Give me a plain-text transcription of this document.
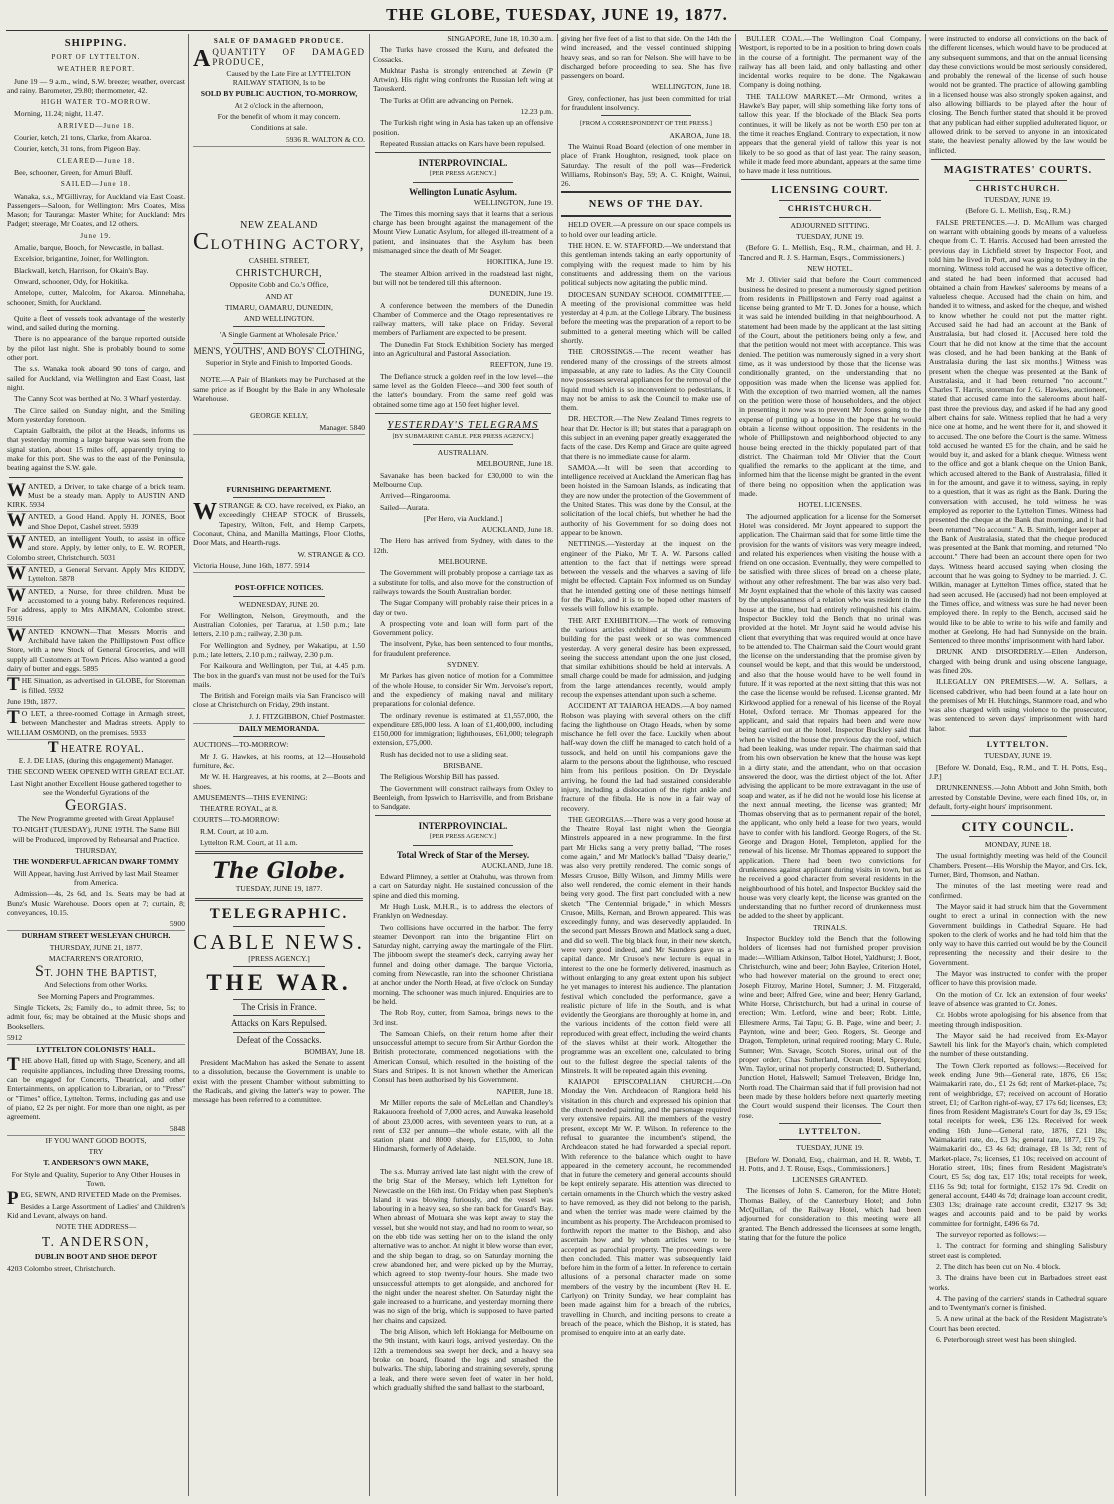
THE GLOBE, TUESDAY, JUNE 19, 1877.
SHIPPING.
PORT OF LYTTELTON.
WEATHER REPORT.

June 19 — 9 a.m., wind, S.W. breeze; weather, overcast and rainy. Barometer, 29.80; thermometer, 42.

HIGH WATER TO-MORROW.

Morning, 11.24; night, 11.47.

ARRIVED—June 18.

Courier, ketch, 21 tons, Clarke, from Akaroa.

Courier, ketch, 31 tons, from Pigeon Bay.

CLEARED—June 18.

Bee, schooner, Green, for Amuri Bluff.

SAILED—June 18.

Wanaka, s.s., M'Gillivray, for Auckland via East Coast. Passengers—Saloon, for Wellington: Mrs Coates, Miss Mason; for Tauranga: Master White; for Auckland: Mrs Padget; steerage, Mr Coates, and 12 others.

June 19.

Amalie, barque, Booch, for Newcastle, in ballast.

Excelsior, brigantine, Joiner, for Wellington.

Blackwall, ketch, Harrison, for Okain's Bay.

Onward, schooner, Ody, for Hokitika.

Antelope, cutter, Malcolm, for Akaroa. Minnehaha, schooner, Smith, for Auckland.

Quite a fleet of vessels took advantage of the westerly wind, and sailed during the morning.

There is no appearance of the barque reported outside by the pilot last night. She is probably bound to some other port.

The s.s. Wanaka took aboard 90 tons of cargo, and sailed for Auckland, via Wellington and East Coast, last night.

The Canny Scot was berthed at No. 3 Wharf yesterday.

The Circe sailed on Sunday night, and the Smiling Morn yesterday forenoon.

Captain Galbraith, the pilot at the Heads, informs us that yesterday morning a large barque was seen from the signal station, about 15 miles off, apparently trying to make for this port. She was to the east of the Peninsula, beating against the S.W. gale.

WANTED, a Driver, to take charge of a brick team. Must be a steady man. Apply to AUSTIN AND KIRK. 5934

WANTED, a Good Hand. Apply H. JONES, Boot and Shoe Depot, Cashel street. 5939

WANTED, an intelligent Youth, to assist in office and store. Apply, by letter only, to E. W. ROPER, Colombo street, Christchurch. 5031

WANTED, a General Servant. Apply Mrs KIDDY, Lyttelton. 5878

WANTED, a Nurse, for three children. Must be accustomed to a young baby. References required. For address, apply to Mrs AIKMAN, Colombo street. 5916

WANTED KNOWN—That Messrs Morris and Archibald have taken the Phillipstown Post office Store, with a new Stock of General Groceries, and will supply all Customers at Town Prices. Also wanted a good dairy of butter and eggs. 5895

THE Situation, as advertised in GLOBE, for Storeman is filled. 5932

June 19th, 1877.

T O LET, a three-roomed Cottage in Armagh street, between Manchester and Madras streets. Apply to WILLIAM OSMOND, on the premises. 5933

THEATRE ROYAL.

E. J. DE LIAS, (during this engagement) Manager.

THE SECOND WEEK OPENED WITH GREAT ECLAT.

Last Night another Excellent House gathered together to see the Wonderful Gyrations of the

GEORGIAS.

The New Programme greeted with Great Applause!

TO-NIGHT (TUESDAY), JUNE 19TH. The Same Bill will be Produced, improved by Rehearsal and Practice.

THURSDAY,

THE WONDERFUL AFRICAN DWARF TOMMY

Will Appear, having Just Arrived by last Mail Steamer from America.

Admission—4s, 2s 6d, and 1s. Seats may be had at Bunz's Music Warehouse. Doors open at 7; curtain, 8; conveyances, 10.15.

5900

DURHAM STREET WESLEYAN CHURCH.

THURSDAY, JUNE 21, 1877.

MACFARREN'S ORATORIO,

ST. JOHN THE BAPTIST,

And Selections from other Works.

See Morning Papers and Programmes.

Single Tickets, 2s; Family do., to admit three, 5s; to admit four, 6s; may be obtained at the Music shops and Booksellers.

5912

LYTTELTON COLONISTS' HALL.

THE above Hall, fitted up with Stage, Scenery, and all requisite appliances, including three Dressing rooms, can be engaged for Concerts, Theatrical, and other Entertainments, on application to Librarian, or to "Press" or "Times" office, Lyttelton. Terms, including gas and use of piano, £2 2s per night. For more than one night, as per agreement.

5848

IF YOU WANT GOOD BOOTS,

TRY

T. ANDERSON'S OWN MAKE,

For Style and Quality, Superior to Any Other Houses in Town.

PEG, SEWN, AND RIVETED Made on the Premises.

Besides a Large Assortment of Ladies' and Children's Kid and Levant, always on hand.

NOTE THE ADDRESS—

T. ANDERSON,

DUBLIN BOOT AND SHOE DEPOT

4203 Colombo street, Christchurch.

SALE OF DAMAGED PRODUCE.

AQUANTITY OF DAMAGED PRODUCE,

Caused by the Late Fire at LYTTELTON RAILWAY STATION, Is to be

SOLD BY PUBLIC AUCTION, TO-MORROW,

At 2 o'clock in the afternoon,

For the benefit of whom it may concern.

Conditions at sale.

5936 R. WALTON & CO.

NEW ZEALAND
CLOTHING ACTORY,

CASHEL STREET,

CHRISTCHURCH,

Opposite Cobb and Co.'s Office,

AND AT

TIMARU, OAMARU, DUNEDIN,

AND WELLINGTON.

'A Single Garment at Wholesale Price.'

MEN'S, YOUTHS', AND BOYS' CLOTHING,

Superior in Style and Finish to Imported Goods.

NOTE.—A Pair of Blankets may be Purchased at the same price as if Bought by the Bale in any Wholesale Warehouse.

GEORGE KELLY,

Manager. 5840

FURNISHING DEPARTMENT.

WSTRANGE & CO. have received, ex Piako, an exceedingly CHEAP STOCK of Brussels, Tapestry, Wilton, Felt, and Hemp Carpets, Coconaut, China, and Manilla Mattings, Floor Cloths, Door Mats, and Hearth-rugs.

W. STRANGE & CO.

Victoria House, June 16th, 1877. 5914

POST-OFFICE NOTICES.

WEDNESDAY, JUNE 20.

For Wellington, Nelson, Greymouth, and the Australian Colonies, per Tararua, at 1.50 p.m.; late letters, 2.10 p.m.; railway, 2.30 p.m.

For Wellington and Sydney, per Wakatipu, at 1.50 p.m.; late letters, 2.10 p.m.; railway, 2.30 p.m.

For Kaikoura and Wellington, per Tui, at 4.45 p.m. The box in the guard's van must not be used for the Tui's mails.

The British and Foreign mails via San Francisco will close at Christchurch on Friday, 29th instant.

J. J. FITZGIBBON, Chief Postmaster.

DAILY MEMORANDA.

AUCTIONS—TO-MORROW:

Mr J. G. Hawkes, at his rooms, at 12—Household furniture, &c.

Mr W. H. Hargreaves, at his rooms, at 2—Boots and shoes.

AMUSEMENTS—THIS EVENING:

THEATRE ROYAL, at 8.

COURTS—TO-MORROW:

R.M. Court, at 10 a.m.

Lyttelton R.M. Court, at 11 a.m.

The Globe.

TUESDAY, JUNE 19, 1877.

TELEGRAPHIC.
CABLE NEWS.

[PRESS AGENCY.]

THE WAR.

The Crisis in France.

Attacks on Kars Repulsed.

Defeat of the Cossacks.

BOMBAY, June 18.

President MacMahon has asked the Senate to assent to a dissolution, because the Government is unable to exist with the present Chamber without submitting to the Radicals, and giving the latter's way to power. The message has been referred to a committee.

SINGAPORE, June 18, 10.30 a.m.

The Turks have crossed the Kuru, and defeated the Cossacks.

Mukhtar Pasha is strongly entrenched at Zewin (P Artwin). His right wing confronts the Russian left wing at Taouskerd.

The Turks at Ofitt are advancing on Pernek.

12.23 p.m.

The Turkish right wing in Asia has taken up an offensive position.

Repeated Russian attacks on Kars have been repulsed.

INTERPROVINCIAL.

[PER PRESS AGENCY.]

Wellington Lunatic Asylum.

WELLINGTON, June 19.

The Times this morning says that it learns that a serious charge has been brought against the management of the Mount View Lunatic Asylum, for alleged ill-treatment of a patient, and insinuates that the Asylum has been mismanaged since the death of Mr Seager.

HOKITIKA, June 19.

The steamer Albion arrived in the roadstead last night, but will not be tendered till this afternoon.

DUNEDIN, June 19.

A conference between the members of the Dunedin Chamber of Commerce and the Otago representatives re railway matters, will take place on Friday. Several members of Parliament are expected to be present.

The Dunedin Fat Stock Exhibition Society has merged into an Agricultural and Pastoral Association.

REEFTON, June 19.

The Defiance struck a golden reef in the low level—the same level as the Golden Fleece—and 300 feet south of the latter's boundary. From the same reef gold was obtained some time ago at 150 feet higher level.

YESTERDAY'S TELEGRAMS

[BY SUBMARINE CABLE. PER PRESS AGENCY.]

AUSTRALIAN.

MELBOURNE, June 18.

Savanake has been backed for £30,000 to win the Melbourne Cup.

Arrived—Ringarooma.

Sailed—Aurata.

[Per Hero, via Auckland.]

AUCKLAND, June 18.

The Hero has arrived from Sydney, with dates to the 12th.

MELBOURNE.

The Government will probably propose a carriage tax as a substitute for tolls, and also move for the construction of railways towards the South Australian border.

The Sugar Company will probably raise their prices in a day or two.

A prospecting vote and loan will form part of the Government policy.

The insolvent, Pyke, has been sentenced to four months, for fraudulent preference.

SYDNEY.

Mr Parkes has given notice of motion for a Committee of the whole House, to consider Sir Wm. Jervoise's report, and the expediency of making naval and military preparations for colonial defence.

The ordinary revenue is estimated at £1,557,000, the expenditure £85,000 less. A loan of £1,400,000, including £150,000 for immigration; lighthouses, £61,000; telegraph extension, £75,000.

Rush has decided not to use a sliding seat.

BRISBANE.

The Religious Worship Bill has passed.

The Government will construct railways from Oxley to Beenleigh, from Ipswich to Harrisville, and from Brisbane to Sandgate.

INTERPROVINCIAL.

[PER PRESS AGENCY.]

Total Wreck of Star of the Mersey.

AUCKLAND, June 18.

Edward Plimney, a settler at Otahuhu, was thrown from a cart on Saturday night. He sustained concussion of the spine and died this morning.

Mr Hugh Lusk, M.H.R., is to address the electors of Franklyn on Wednesday.

Two collisions have occurred in the harbor. The ferry steamer Devonport ran into the brigantine Flirt on Saturday night, carrying away the martingale of the Flirt. The jibboom swept the steamer's deck, carrying away her funnel and doing other damage. The barque Victoria, coming from Newcastle, ran into the schooner Christiana at anchor under the North Head, at five o'clock on Sunday morning. The schooner was much injured. Enquiries are to be held.

The Rob Roy, cutter, from Samoa, brings news to the 3rd inst.

The Samoan Chiefs, on their return home after their unsuccessful attempt to secure from Sir Arthur Gordon the British protectorate, commenced negotiations with the American Consul, which resulted in the hoisting of the Stars and Stripes. It is not known whether the American Consul has been authorised by his Government.

NAPIER, June 18.

Mr Miller reports the sale of McLellan and Chandley's Rakauoora freehold of 7,000 acres, and Auwaka leasehold of about 23,000 acres, with seventeen years to run, at a rent of £32 per annum—the whole estate, with all the station plant and 8000 sheep, for £15,000, to John Hindmarsh, formerly of Adelaide.

NELSON, June 18.

The s.s. Murray arrived late last night with the crew of the brig Star of the Mersey, which left Lyttelton for Newcastle on the 16th inst. On Friday when past Stephen's Island it was blowing furiously, and the vessel was labouring in a heavy sea, so she ran back for Guard's Bay. When abreast of Motuara she was kept away to stay the vessel, but she would not stay, and had no room to wear, so on the ebb tide was setting her on to the island the only alternative was to anchor. At night it blew worse than ever, and the ship began to drag, so on Saturday morning the crew abandoned her, and were picked up by the Murray, which agreed to stop twenty-four hours. She made two unsuccessful attempts to get alongside, and anchored for the night under the nearest shelter. On Saturday night the gale increased to a hurricane, and yesterday morning there was no sign of the brig, which is supposed to have parted her chains and capsized.

The brig Alison, which left Hokianga for Melbourne on the 9th instant, with kauri logs, arrived yesterday. On the 12th a tremendous sea swept her deck, and a heavy sea broke on board, floated the logs and smashed the bulwarks. The ship, laboring and straining severely, sprung a leak, and there were seven feet of water in her hold, which gradually shifted the sand ballast to the starboard,

giving her five feet of a list to that side. On the 14th the wind increased, and the vessel continued shipping heavy seas, and so ran for Nelson. She will have to be discharged before proceeding to sea. She has five passengers on board.

WELLINGTON, June 18.

Grey, confectioner, has just been committed for trial for fraudulent insolvency.

[FROM A CORRESPONDENT OF THE PRESS.]

AKAROA, June 18.

The Wainui Road Board (election of one member in place of Frank Houghton, resigned, took place on Saturday. The result of the poll was—Frederick Williams, Robinson's Bay, 59; A. C. Knight, Wainui, 26.

NEWS OF THE DAY.

HELD OVER.—A pressure on our space compels us to hold over our leading article.

THE HON. E. W. STAFFORD.—We understand that this gentleman intends taking an early opportunity of complying with the request made to him by his constituents and addressing them on the various political subjects now agitating the public mind.

DIOCESAN SUNDAY SCHOOL COMMITTEE.—A meeting of the provisional committee was held yesterday at 4 p.m. at the College Library. The business before the meeting was the preparation of a report to be submitted to a general meeting which will be called shortly.

THE CROSSINGS.—The recent weather has rendered many of the crossings of the streets almost impassable, at any rate to ladies. As the City Council now possesses several appliances for the removal of the liquid mud which is so inconvenient to pedestrians, it may not be amiss to ask the Council to make use of them.

DR. HECTOR.—The New Zealand Times regrets to hear that Dr. Hector is ill; but states that a paragraph on this subject in an evening paper greatly exaggerated the facts of the case. Drs Kemp and Grace are quite agreed that there is no immediate cause for alarm.

SAMOA.—It will be seen that according to intelligence received at Auckland the American flag has been hoisted in the Samoan Islands, as indicating that they are now under the protection of the Government of the United States. This was done by the Consul, at the solicitation of the local chiefs, but whether he had the authority of his Government for so doing does not appear to be known.

NETTINGS.—Yesterday at the inquest on the engineer of the Piako, Mr T. A. W. Parsons called attention to the fact that if nettings were spread between the vessels and the wharves a saving of life might be effected. Captain Fox informed us on Sunday that he intended getting one of these nettings himself for the Piako, and it is to be hoped other masters of vessels will follow his example.

THE ART EXHIBITION.—The work of removing the various articles exhibited at the new Museum building for the past week or so was commenced yesterday. A very general desire has been expressed, seeing the success attendant upon the one just closed, that similar exhibitions should be held at intervals. A small charge could be made for admission, and judging from the large attendances recently, would amply recoup the expenses attendant upon such a scheme.

ACCIDENT AT TAIAROA HEADS.—A boy named Robson was playing with several others on the cliff facing the lighthouse on Otago Heads, when by some mischance he fell over the face. Luckily when about half-way down the cliff he managed to catch hold of a tussock, and held on until his companions gave the alarm to the persons about the lighthouse, who rescued him from his perilous position. On Dr Drysdale arriving, he found the lad had sustained considerable injury, including a dislocation of the right ankle and fracture of the fibula. He is now in a fair way of recovery.

THE GEORGIAS.—There was a very good house at the Theatre Royal last night when the Georgia Minstrels appeared in a new programme. In the first part Mr Hicks sang a very pretty ballad, "The roses come again," and Mr Matlock's ballad "Daisy dearie," was also very prettily rendered. The comic songs of Messrs Crusoe, Billy Wilson, and Jimmy Mills were also well rendered, the comic element in their hands being very good. The first part concluded with a new sketch "The Centennial brigade," in which Messrs Crusoe, Mills, Kernan, and Brown appeared. This was exceedingly funny, and was deservedly applauded. In the second part Messrs Brown and Matlock sang a duet, and did so well. The big black four, in their new sketch, were very good indeed, and Mr Saunders gave us a capital dance. Mr Crusoe's new lecture is equal in interest to the one he formerly delivered, inasmuch as without enlarging to any great extent upon his subject he yet manages to interest his audience. The plantation festival which concluded the performance, gave a realistic picture of life in the South, and is what evidently the Georgians are thoroughly at home in, and the various incidents of the cotton field were all reproduced with great effect, including the weird chants of the slaves whilst at their work. Altogether the programme was an excellent one, calculated to bring out to the fullest degree the special talents of the Minstrels. It will be repeated again this evening.

KAIAPOI EPISCOPALIAN CHURCH.—On Monday the Ven. Archdeacon of Rangiora held his visitation in this church and expressed his opinion that the church needed painting, and the parsonage required very extensive repairs. All the members of the vestry present, except Mr W. P. Wilson. In reference to the refusal to guarantee the incumbent's stipend, the Archdeacon stated he had forwarded a special report. With reference to the balance which ought to have appeared in the cemetery account, he recommended that in future the cemetery and general accounts should be kept entirely separate. His attention was directed to certain ornaments in the Church which the vestry asked to have removed, as they did not belong to the parish, and when the terrier was made were claimed by the incumbent as his property. The Archdeacon promised to forthwith report the matter to the Bishop, and also ascertain how and by whom articles were to be accepted as parochial property. The proceedings were then concluded. This matter was subsequently laid before him in the form of a letter. In reference to certain allusions of a personal character made on some members of the vestry by the incumbent (Rev H. E. Carlyon) on Trinity Sunday, we hear complaint has been made against him for a breach of the rubrics, travelling in Church, and inciting persons to create a breach of the peace, which the Bishop, it is stated, has promised to enquire into at an early date.

BULLER COAL.—The Wellington Coal Company, Westport, is reported to be in a position to bring down coals in the course of a fortnight. The permanent way of the railway has all been laid, and only ballasting and other incidental works require to be done. The Ngakawau Company is doing nothing.

THE TALLOW MARKET.—Mr Ormond, writes a Hawke's Bay paper, will ship something like forty tons of tallow this year. If the blockade of the Black Sea ports continues, it will be likely as not be worth £50 per ton at the time it reaches England. Contrary to expectation, it now appears that the general yield of tallow this year is not likely to be so good as that of last year. The rainy season, while it made feed more abundant, appears at the same time to have made it less nutritious.

LICENSING COURT.
CHRISTCHURCH.

ADJOURNED SITTING.

TUESDAY, JUNE 19.

(Before G. L. Mellish, Esq., R.M., chairman, and H. J. Tancred and R. J. S. Harman, Esqrs., Commissioners.)

NEW HOTEL.

Mr J. Olivier said that before the Court commenced business he desired to present a numerously signed petition from residents in Phillipstown and Ferry road against a license being granted to Mr T. D. Jones for a house, which it was said he intended building in that neighbourhood. A statement had been made by the applicant at the last sitting of the Court, about the petitioners being only a few, and that the petition would not meet with acceptance. This was denied. The petition was numerously signed in a very short time, as it was understood by those that the license was conditionally granted, on the understanding that no opposition was made when the license was applied for. With the exception of two married women, all the names on the petition were those of householders, and the object in presenting it now was to prevent Mr Jones going to the expense of putting up a house in the hope that he would obtain a license without opposition. The residents in the whole of Phillipstown and neighborhood objected to any house being erected in the thickly populated part of that district. The Chairman told Mr Olivier that the Court qualified the remarks to the applicant at the time, and informed him that the license might be granted in the event of there being no opposition when the application was made.

HOTEL LICENSES.

The adjourned application for a license for the Somerset Hotel was considered. Mr Joynt appeared to support the application. The Chairman said that for some little time the provision for the wants of visitors was very meagre indeed, and related his experiences when visiting the house with a friend on one occasion. Eventually, they were compelled to be satisfied with three slices of bread on a cheese plate, without any other refreshment. The bar was also very bad. Mr Joynt explained that the whole of this laxity was caused by the unpleasantness of a relation who was resident in the house at the time, but had entirely relinquished his claim. Inspector Buckley told the Bench that no urinal was provided at the hotel. Mr Joynt said he would advise his client that everything that was required would at once have to be attended to. The Chairman said the Court would grant the license on the understanding that the promise given by counsel would be kept, and that this would be understood, and also that the house would have to be well found in future. If it was reported at the next sitting that this was not the case the license would be refused. License granted. Mr Kirkwood applied for a renewal of his license of the Royal Hotel, Oxford terrace. Mr Thomas appeared for the applicant, and said that repairs had been and were now being carried out at the hotel. Inspector Buckley said that when he visited the house the previous day the roof, which had been leaking, was under repair. The chairman said that from his own observation he knew that the house was kept in a dirty state, and the attendant, who on that occasion answered the door, was the dirtiest object of the lot. After advising the applicant to be more extravagant in the use of soap and water, as if he did not he would lose his license at the next annual meeting, the license was granted; Mr Thomas observing that as to permanent repair of the hotel, the applicant, who only held a lease for two years, would have to confer with his landlord. George Rogers, of the St. George and Dragon Hotel, Templeton, applied for the renewal of his license. Mr Thomas appeared to support the application. There had been two convictions for drunkenness against applicant during visits in town, but as he received a good character from several residents in the neighbourhood of his hotel, and Inspector Buckley said the house was very clearly kept, the license was granted on the understanding that no further record of drunkenness must be added to the sheet by applicant.

TRINALS.

Inspector Buckley told the Bench that the following holders of licenses had not furnished proper provision made:—William Atkinson, Talbot Hotel, Yaldhurst; J. Boot, Christchurch, wine and beer; John Baylee, Criterion Hotel, who had however material on the ground to erect one; Joseph Fitzroy, Marine Hotel, Sumner; J. M. Fitzgerald, wine and beer; Alfred Gee, wine and beer; Henry Garland, White Horse, Christchurch, but had a urinal in course of erection; Wm. Letford, wine and beer; Robt. Little, Ellesmere Arms, Tai Tapu; G. B. Page, wine and beer; J. Paynton, wine and beer; Geo. Rogers, St. George and Dragon, Templeton, urinal required rooting; Mary C. Rule, Sumner; Wm. Savage, Scotch Stores, urinal out of the proper order; Chas Sutherland, Ocean Hotel, Spreydon; Wm. Taylor, urinal not properly constructed; D. Sutherland, Junction Hotel, Halswell; Samuel Treleaven, Bridge Inn, North road. The Chairman said that if full provision had not been made by these holders before next quarterly meeting the Court would suspend their licenses. The Court then rose.

LYTTELTON.

TUESDAY, JUNE 19.

[Before W. Donald, Esq., chairman, and H. R. Webb, T. H. Potts, and J. T. Rouse, Esqs., Commissioners.]

LICENSES GRANTED.

The licenses of John S. Cameron, for the Mitre Hotel; Thomas Bailey, of the Canterbury Hotel; and John McQuillan, of the Railway Hotel, which had been adjourned for consideration to this meeting were all granted. The Bench addressed the licensees at some length, stating that for the future the police

were instructed to endorse all convictions on the back of the different licenses, which would have to be produced at any subsequent summons, and that on the annual licensing day these convictions would be most seriously considered, and probably the renewal of the license of such house would not be granted. The practice of allowing gambling in a licensed house was also strongly spoken against, and also allowing billiards to be played after the hour of closing. The Bench further stated that should it be proved that any publican had either supplied adulterated liquor, or allowed drink to be served to anyone in an intoxicated state, the heaviest penalty allowed by the law would be inflicted.

MAGISTRATES' COURTS.
CHRISTCHURCH.

TUESDAY, JUNE 19.

(Before G. L. Mellish, Esq., R.M.)

FALSE PRETENCES.—J. D. McAllum was charged on warrant with obtaining goods by means of a valueless cheque from C. T. Harris. Accused had been arrested the previous day in Lichfield street by Inspector Foot, and told him he lived in Port, and was going to Sydney in the morning. Witness told accused he was a detective officer, and stated he had been informed that accused had obtained a chain from Hawkes' salerooms by means of a valueless cheque. Accused had the chain on him, and handed it to witness, and asked for the cheque, and wished to know whether he could not put the matter right. Accused said he had had an account at the Bank of Australasia, but had closed it. [Accused here told the Court that he did not know at the time that the account was closed, and he had been banking at the Bank of Australasia during the last six months.] Witness was present when the cheque was presented at the Bank of Australasia, and it had been returned "no account." Charles T. Harris, storeman for J. G. Hawkes, auctioneer, stated that accused came into the salerooms about half-past three the previous day, and asked if he had any good albert chains for sale. Witness replied that he had a very nice one at home, and he went there for it, and showed it to accused. The one before the Court is the same. Witness told accused he wanted £5 for the chain, and he said he would buy it, and asked for a blank cheque. Witness went to the office and got a blank cheque on the Union Bank, which accused altered to the Bank of Australasia, filled it in for the amount, and gave it to witness, saying, in reply to a question, that it was as right as the Bank. During the conversation with accused, he told witness he was employed as reporter to the Lyttelton Times. Witness had presented the cheque at the Bank that morning, and it had been returned "No account." A. B. Smith, ledger keeper at the Bank of Australasia, stated that the cheque produced was presented at the Bank that morning, and returned "No account." There had been an account there open for two days. Witness heard accused saying when closing the account that he was going to Sydney to be married. J. C. Wilkin, manager at Lyttelton Times office, stated that he had seen accused. He (accused) had not been employed at the Times office, and witness was sure he had never been employed there. In reply to the Bench, accused said he would like to be able to write to his wife and family and mother at Geelong. He had had Sunnyside on the brain. Sentenced to three months' imprisonment with hard labor.

DRUNK AND DISORDERLY.—Ellen Anderson, charged with being drunk and using obscene language, was fined 20s.

ILLEGALLY ON PREMISES.—W. A. Sellars, a licensed cabdriver, who had been found at a late hour on the premises of Mr H. Hutchings, Stanmore road, and who was also charged with using violence to the prosecutor, was sentenced to seven days' imprisonment with hard labor.

LYTTELTON.

TUESDAY, JUNE 19.

[Before W. Donald, Esq., R.M., and T. H. Potts, Esq., J.P.]

DRUNKENNESS.—John Abbott and John Smith, both arrested by Constable Devine, were each fined 10s, or, in default, forty-eight hours' imprisonment.

CITY COUNCIL.

MONDAY, JUNE 18.

The usual fortnightly meeting was held of the Council Chambers. Present—His Worship the Mayor, and Crs. Ick, Turner, Bird, Thomson, and Nathan.

The minutes of the last meeting were read and confirmed.

The Mayor said it had struck him that the Government ought to erect a urinal in connection with the new Government buildings in Cathedral Square. He had spoken to the clerk of works and he had told him that the only way to have this carried out would be by the Council representing the necessity and their desire to the Government.

The Mayor was instructed to confer with the proper officer to have this provision made.

On the motion of Cr. Ick an extension of four weeks' leave of absence was granted to Cr. Jones.

Cr. Hobbs wrote apologising for his absence from that meeting through indisposition.

The Mayor said he had received from Ex-Mayor Sawtell his link for the Mayor's chain, which completed the number of these outstanding.

The Town Clerk reported as follows:—Received for week ending June 9th—General rate, 1876, £6 15s; Waimakariri rate, do., £1 2s 6d; rent of Market-place, 7s; rent of weighbridge, £7; received on account of Horatio street, £1; of Carlton right-of-way, £7 17s 6d; licenses, £3; fines from Resident Magistrate's Court for day 3s, £9 15s; total receipts for week, £36 12s. Received for week ending 16th June—General rate, 1876, £21 18s; Waimakariri rate, do., £3 3s; general rate, 1877, £19 7s; Waimakariri do., £3 4s 6d; drainage, £8 1s 3d; rent of Market-place, 7s; licenses, £1 10s; received on account of Horatio street, 10s; fines from Resident Magistrate's Court, £5 5s; dog tax, £17 10s; total receipts for week, £116 5s 9d; total for fortnight, £152 17s 9d. Credit on general account, £440 4s 7d; drainage loan account credit, £303 13s; drainage rate account credit, £3217 9s 3d; wages and accounts paid and to be paid by works committee for fortnight, £496 6s 7d.

The surveyor reported as follows:—

1. The contract for forming and shingling Salisbury street east is completed.

2. The ditch has been cut on No. 4 block.

3. The drains have been cut in Barbadoes street east works.

4. The paving of the carriers' stands in Cathedral square and to Twentyman's corner is finished.

5. A new urinal at the back of the Resident Magistrate's Court has been erected.

6. Peterborough street west has been shingled.
